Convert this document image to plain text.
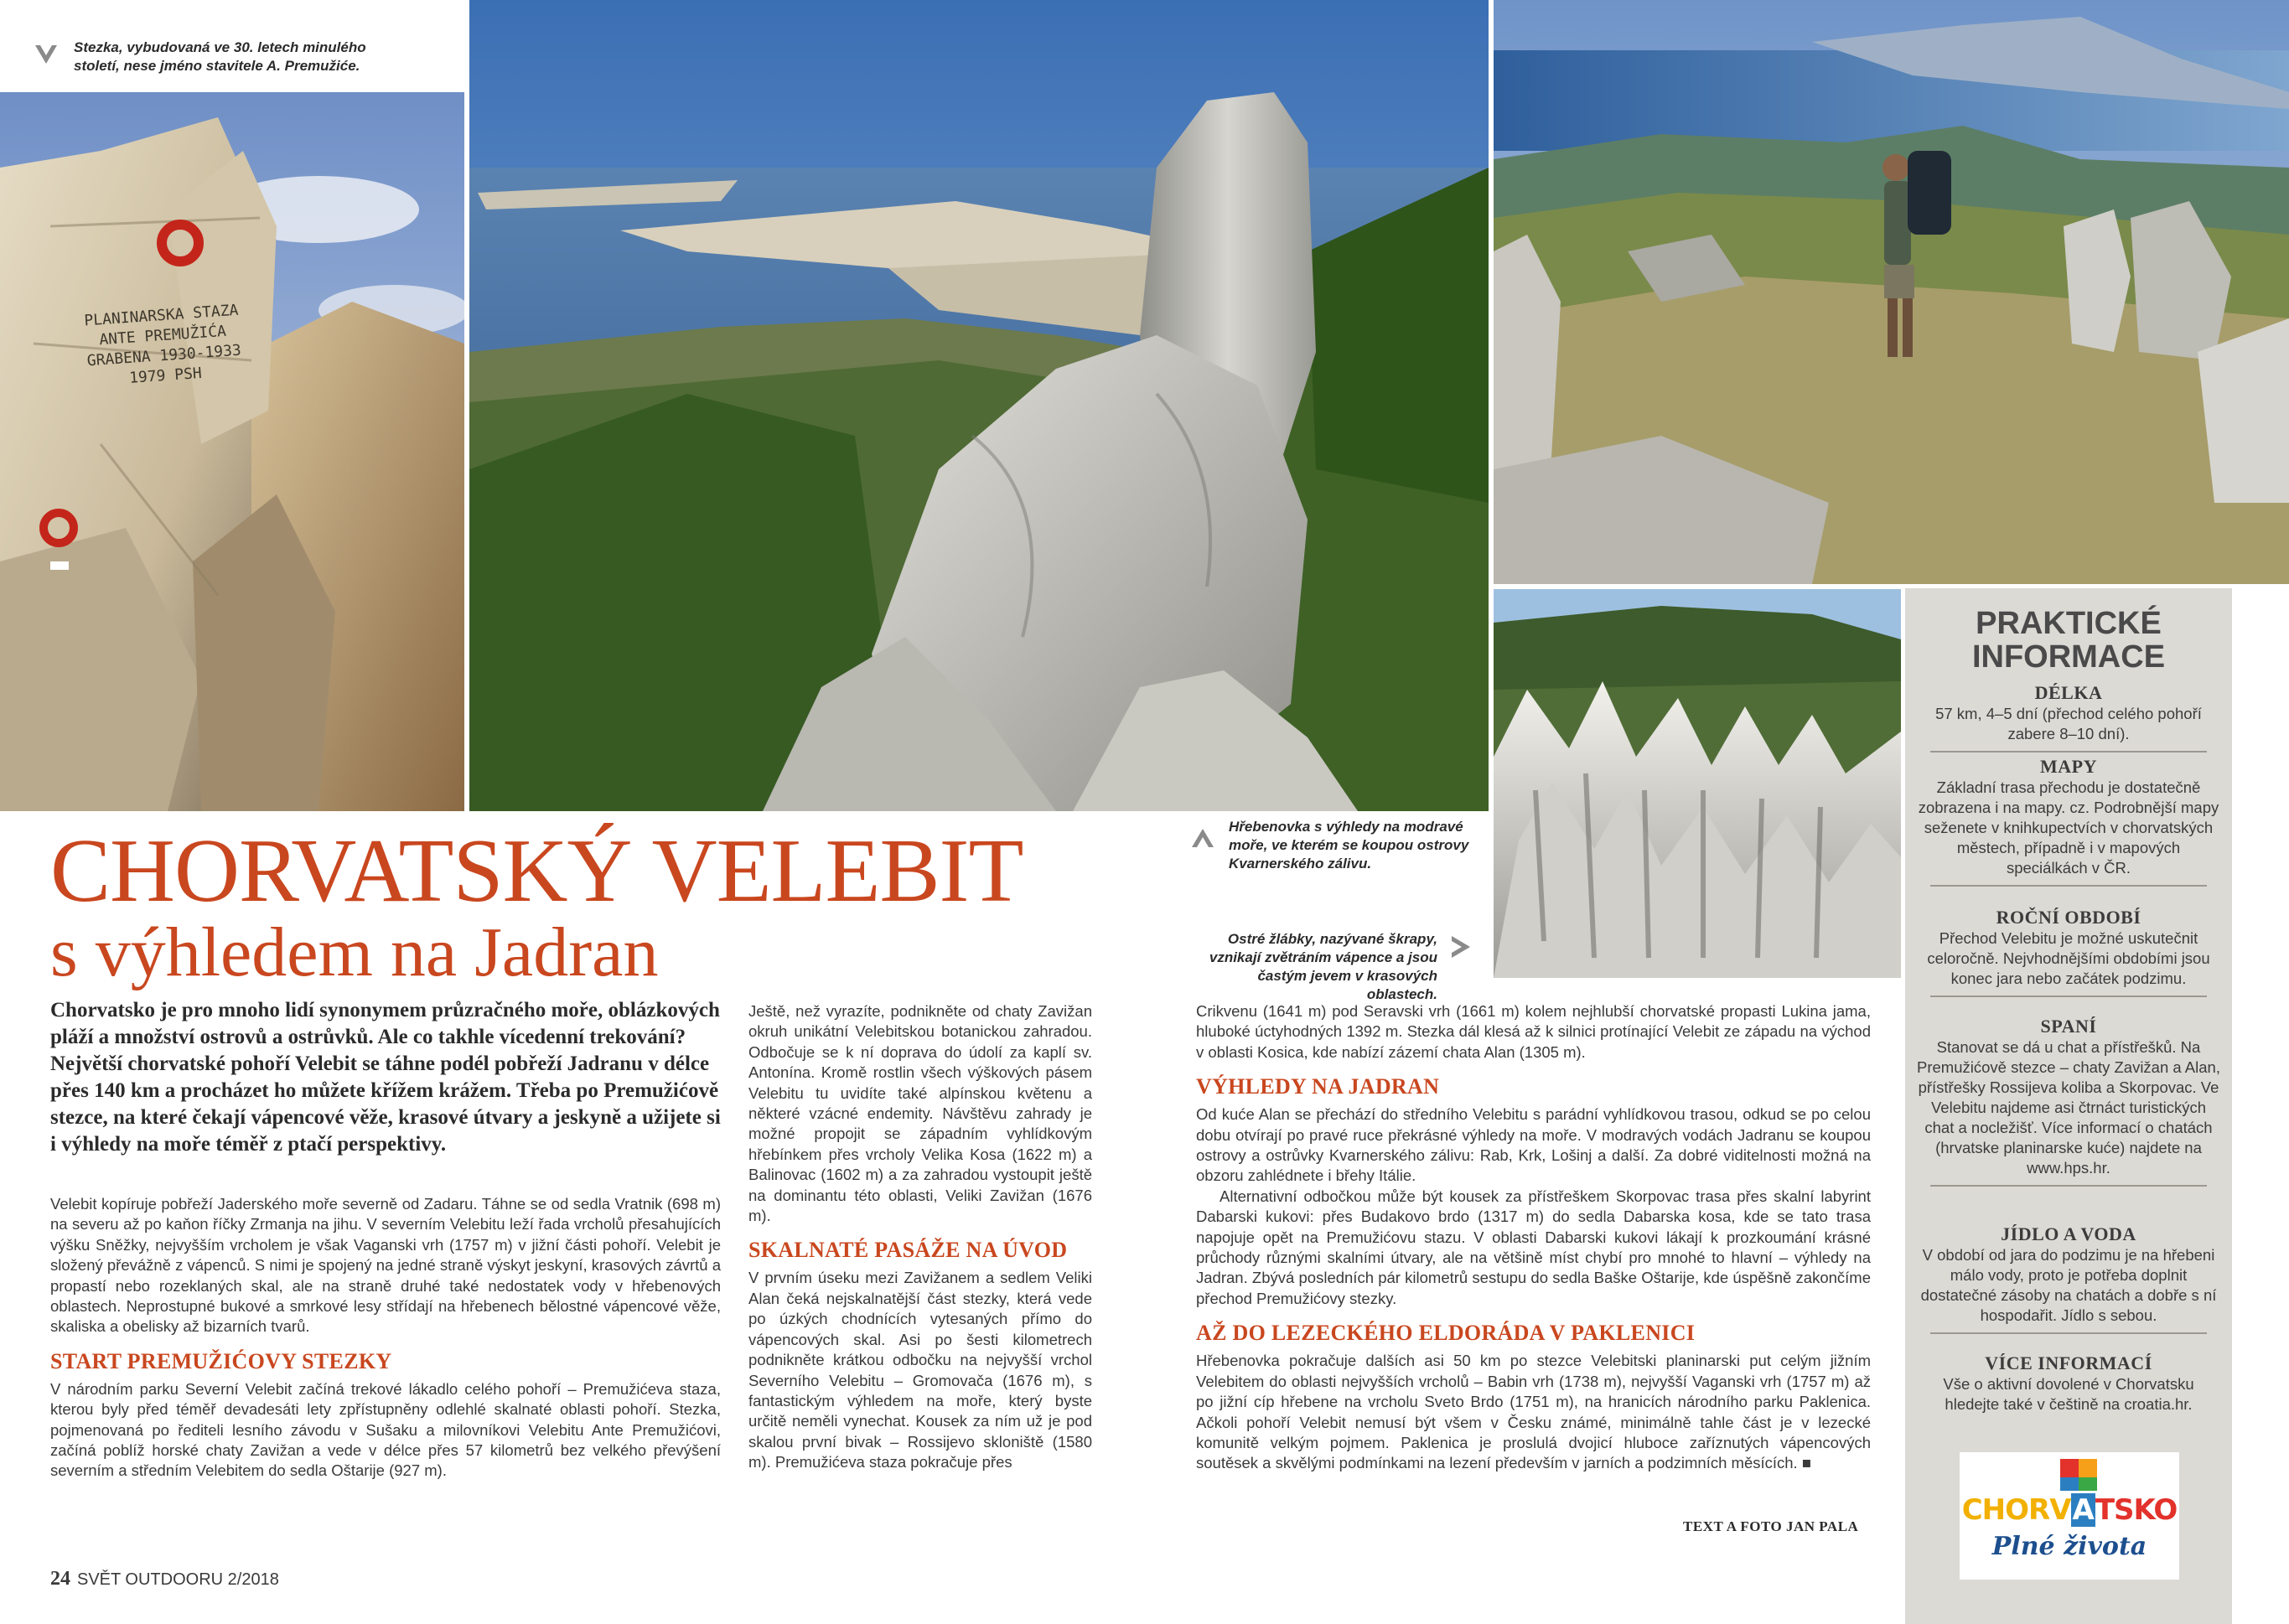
PLANINARSKA STAZA
ANTE PREMUŽIĆA
GRABENA 1930-1933
1979 PSH
Stezka, vybudovaná ve 30. letech minulého století, nese jméno stavitele A. Premužiće.
Hřebenovka s výhledy na modravé moře, ve kterém se koupou ostrovy Kvarnerského zálivu.
Ostré žlábky, nazývané škrapy, vznikají zvětráním vápence a jsou častým jevem v krasových oblastech.
CHORVATSKÝ VELEBIT
s výhledem na Jadran
Chorvatsko je pro mnoho lidí synonymem průzračného moře, oblázkových pláží a množství ostrovů a ostrůvků. Ale co takhle vícedenní trekování? Největší chorvatské pohoří Velebit se táhne podél pobřeží Jadranu v délce přes 140 km a procházet ho můžete křížem krážem. Třeba po Premužićově stezce, na které čekají vápencové věže, krasové útvary a jeskyně a užijete si i výhledy na moře téměř z ptačí perspektivy.

Velebit kopíruje pobřeží Jaderského moře severně od Zadaru. Táhne se od sedla Vratnik (698 m) na severu až po kaňon říčky Zrmanja na jihu. V severním Velebitu leží řada vrcholů přesahujících výšku Sněžky, nejvyšším vrcholem je však Vaganski vrh (1757 m) v jižní části pohoří. Velebit je složený převážně z vápenců. S nimi je spojený na jedné straně výskyt jeskyní, krasových závrtů a propastí nebo rozeklaných skal, ale na straně druhé také nedostatek vody v hřebenových oblastech. Neprostupné bukové a smrkové lesy střídají na hřebenech bělostné vápencové věže, skaliska a obelisky až bizarních tvarů.

START PREMUŽIĆOVY STEZKY

V národním parku Severní Velebit začíná trekové lákadlo celého pohoří – Premužićeva staza, kterou byly před téměř devadesáti lety zpřístupněny odlehlé skalnaté oblasti pohoří. Stezka, pojmenovaná po řediteli lesního závodu v Sušaku a milovníkovi Velebitu Ante Premužićovi, začíná poblíž horské chaty Zavižan a vede v délce přes 57 kilometrů bez velkého převýšení severním a středním Velebitem do sedla Oštarije (927 m).

Ještě, než vyrazíte, podnikněte od chaty Zavižan okruh unikátní Velebitskou botanickou zahradou. Odbočuje se k ní doprava do údolí za kaplí sv. Antonína. Kromě rostlin všech výškových pásem Velebitu tu uvidíte také alpínskou květenu a některé vzácné endemity. Návštěvu zahrady je možné propojit se západním vyhlídkovým hřebínkem přes vrcholy Velika Kosa (1622 m) a Balinovac (1602 m) a za zahradou vystoupit ještě na dominantu této oblasti, Veliki Zavižan (1676 m).

SKALNATÉ PASÁŽE NA ÚVOD

V prvním úseku mezi Zavižanem a sedlem Veliki Alan čeká nejskalnatější část stezky, která vede po úzkých chodnících vytesaných přímo do vápencových skal. Asi po šesti kilometrech podnikněte krátkou odbočku na nejvyšší vrchol Severního Velebitu – Gromovača (1676 m), s fantastickým výhledem na moře, který byste určitě neměli vynechat. Kousek za ním už je pod skalou první bivak – Rossijevo skloniště (1580 m). Premužićeva staza pokračuje přes

Crikvenu (1641 m) pod Seravski vrh (1661 m) kolem nejhlubší chorvatské propasti Lukina jama, hluboké úctyhodných 1392 m. Stezka dál klesá až k silnici protínající Velebit ze západu na východ v oblasti Kosica, kde nabízí zázemí chata Alan (1305 m).

VÝHLEDY NA JADRAN

Od kuće Alan se přechází do středního Velebitu s parádní vyhlídkovou trasou, odkud se po celou dobu otvírají po pravé ruce překrásné výhledy na moře. V modravých vodách Jadranu se koupou ostrovy a ostrůvky Kvarnerského zálivu: Rab, Krk, Lošinj a další. Za dobré viditelnosti možná na obzoru zahlédnete i břehy Itálie.

Alternativní odbočkou může být kousek za přístřeškem Skorpovac trasa přes skalní labyrint Dabarski kukovi: přes Budakovo brdo (1317 m) do sedla Dabarska kosa, kde se tato trasa napojuje opět na Premužićovu stazu. V oblasti Dabarski kukovi lákají k prozkoumání krásné průchody různými skalními útvary, ale na většině míst chybí pro mnohé to hlavní – výhledy na Jadran. Zbývá posledních pár kilometrů sestupu do sedla Baške Oštarije, kde úspěšně zakončíme přechod Premužićovy stezky.

AŽ DO LEZECKÉHO ELDORÁDA V PAKLENICI

Hřebenovka pokračuje dalších asi 50 km po stezce Velebitski planinarski put celým jižním Velebitem do oblasti nejvyšších vrcholů – Babin vrh (1738 m), nejvyšší Vaganski vrh (1757 m) až po jižní cíp hřebene na vrcholu Sveto Brdo (1751 m), na hranicích národního parku Paklenica. Ačkoli pohoří Velebit nemusí být všem v Česku známé, minimálně tahle část je v lezecké komunitě velkým pojmem. Paklenica je proslulá dvojicí hluboce zaříznutých vápencových soutěsek a skvělými podmínkami na lezení především v jarních a podzimních měsících. ■

TEXT A FOTO JAN PALA
24 SVĚT OUTDOORU 2/2018
PRAKTICKÉ
INFORMACE
DÉLKA
57 km, 4–5 dní (přechod celého pohoří zabere 8–10 dní).
MAPY
Základní trasa přechodu je dostatečně zobrazena i na mapy. cz. Podrobnější mapy seženete v knihkupectvích v chorvatských městech, případně i v mapových speciálkách v ČR.
ROČNÍ OBDOBÍ
Přechod Velebitu je možné uskutečnit celoročně. Nejvhodnějšími obdobími jsou konec jara nebo začátek podzimu.
SPANÍ
Stanovat se dá u chat a přístřešků. Na Premužićově stezce – chaty Zavižan a Alan, přístřešky Rossijeva koliba a Skorpovac. Ve Velebitu najdeme asi čtrnáct turistických chat a nocležišť. Více informací o chatách (hrvatske planinarske kuće) najdete na www.hps.hr.
JÍDLO A VODA
V období od jara do podzimu je na hřebeni málo vody, proto je potřeba doplnit dostatečné zásoby na chatách a dobře s ní hospodařit. Jídlo s sebou.
VÍCE INFORMACÍ
Vše o aktivní dovolené v Chorvatsku hledejte také v češtině na croatia.hr.
CHORVATSKO
Plné života
